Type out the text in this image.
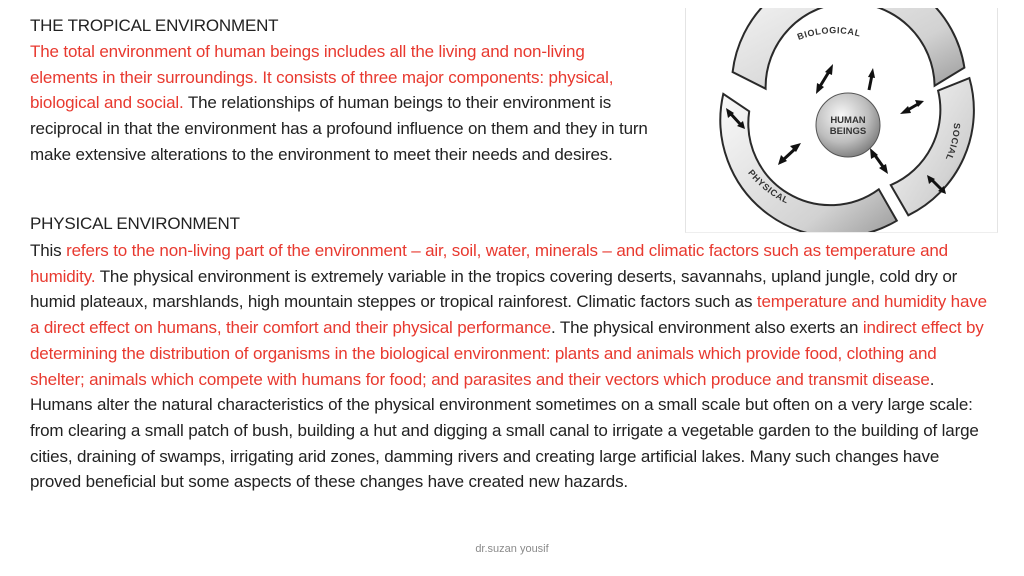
THE TROPICAL ENVIRONMENT
The total environment of human beings includes all the living and non-living elements in their surroundings. It consists of three major components: physical, biological and social. The relationships of human beings to their environment is reciprocal in that the environment has a profound influence on them and they in turn make extensive alterations to the environment to meet their needs and desires.
BIOLOGICAL
SOCIAL
PHYSICAL
HUMAN
BEINGS
PHYSICAL ENVIRONMENT
This refers to the non-living part of the environment – air, soil, water, minerals – and climatic factors such as temperature and humidity. The physical environment is extremely variable in the tropics covering deserts, savannahs, upland jungle, cold dry or humid plateaux, marshlands, high mountain steppes or tropical rainforest. Climatic factors such as temperature and humidity have a direct effect on humans, their comfort and their physical performance. The physical environment also exerts an indirect effect by determining the distribution of organisms in the biological environment: plants and animals which provide food, clothing and shelter; animals which compete with humans for food; and parasites and their vectors which produce and transmit disease. Humans alter the natural characteristics of the physical environment sometimes on a small scale but often on a very large scale: from clearing a small patch of bush, building a hut and digging a small canal to irrigate a vegetable garden to the building of large cities, draining of swamps, irrigating arid zones, damming rivers and creating large artificial lakes. Many such changes have proved beneficial but some aspects of these changes have created new hazards.
dr.suzan yousif
